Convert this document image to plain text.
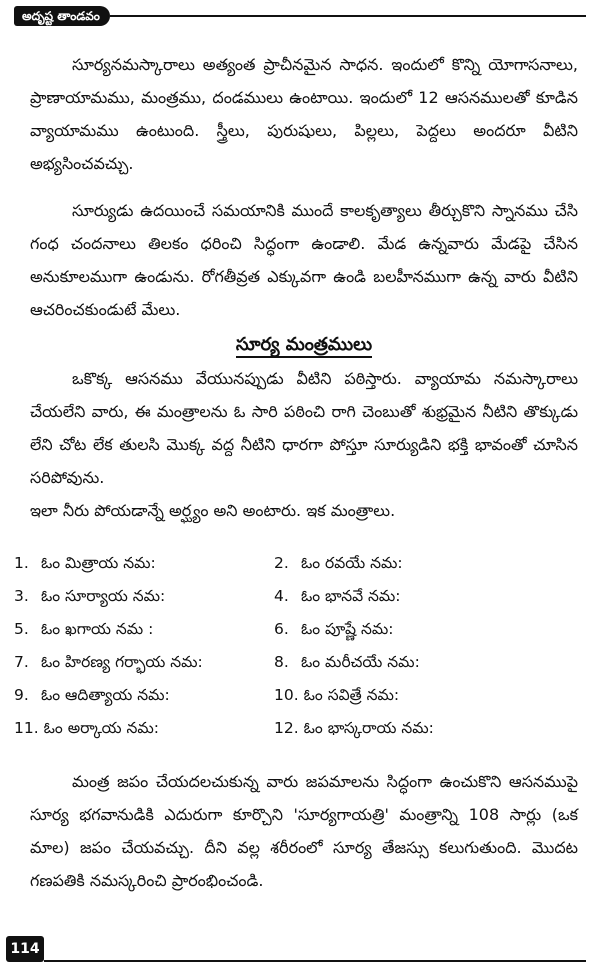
అదృష్ట తాండవం

సూర్యనమస్కారాలు అత్యంత ప్రాచీనమైన సాధన. ఇందులో కొన్ని యోగాసనాలు, ప్రాణాయామము, మంత్రము, దండములు ఉంటాయి. ఇందులో 12 ఆసనములతో కూడిన వ్యాయామము ఉంటుంది. స్త్రీలు, పురుషులు, పిల్లలు, పెద్దలు అందరూ వీటిని అభ్యసించవచ్చు.

సూర్యుడు ఉదయించే సమయానికి ముందే కాలకృత్యాలు తీర్చుకొని స్నానము చేసి గంధ చందనాలు తిలకం ధరించి సిద్ధంగా ఉండాలి. మేడ ఉన్నవారు మేడపై చేసిన అనుకూలముగా ఉండును. రోగతీవ్రత ఎక్కువగా ఉండి బలహీనముగా ఉన్న వారు వీటిని ఆచరించకుండుటే మేలు.

సూర్య మంత్రములు

ఒకొక్క ఆసనము వేయునప్పుడు వీటిని పఠిస్తారు. వ్యాయామ నమస్కారాలు చేయలేని వారు, ఈ మంత్రాలను ఓ సారి పఠించి రాగి చెంబుతో శుభ్రమైన నీటిని తొక్కుడు లేని చోట లేక తులసి మొక్క వద్ద నీటిని ధారగా పోస్తూ సూర్యుడిని భక్తి భావంతో చూసిన సరిపోవును.

ఇలా నీరు పోయడాన్నే అర్ఘ్యం అని అంటారు. ఇక మంత్రాలు.

1. ఓం మిత్రాయ నమ:	2. ఓం రవయే నమ:
3. ఓం సూర్యాయ నమ:	4. ఓం భానవే నమ:
5. ఓం ఖగాయ నమ :	6. ఓం పూష్ణే నమ:
7. ఓం హిరణ్య గర్భాయ నమ:	8. ఓం మరీచయే నమ:
9. ఓం ఆదిత్యాయ నమ:	10. ఓం సవిత్రే నమ:
11. ఓం అర్కాయ నమ:	12. ఓం భాస్కరాయ నమ:

మంత్ర జపం చేయదలచుకున్న వారు జపమాలను సిద్ధంగా ఉంచుకొని ఆసనముపై సూర్య భగవానుడికి ఎదురుగా కూర్చొని 'సూర్యగాయత్రి' మంత్రాన్ని 108 సార్లు (ఒక మాల) జపం చేయవచ్చు. దీని వల్ల శరీరంలో సూర్య తేజస్సు కలుగుతుంది. మొదట గణపతికి నమస్కరించి ప్రారంభించండి.

114
